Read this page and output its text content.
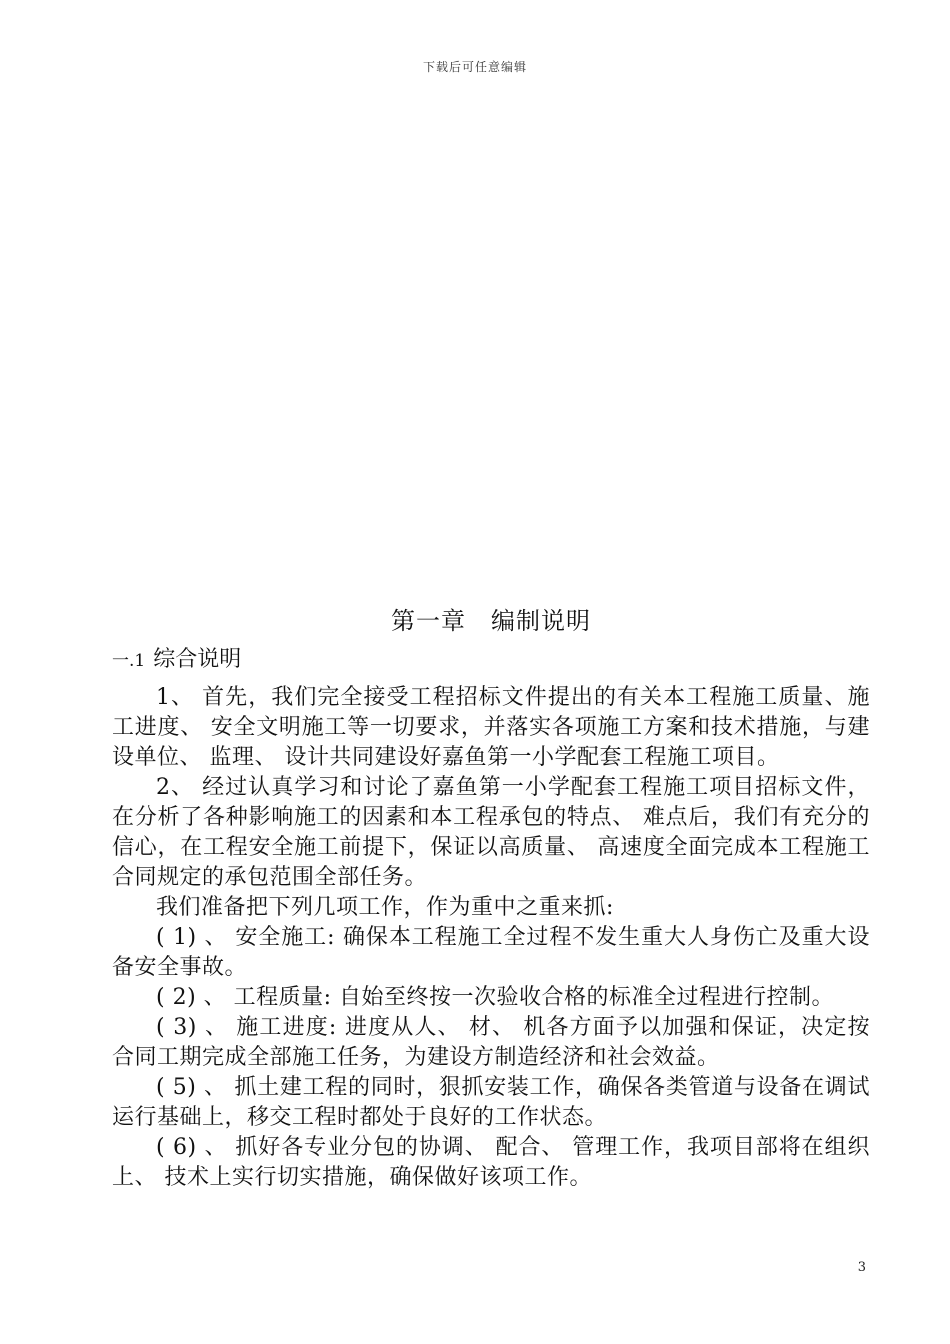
下载后可任意编辑
第一章　编制说明
一.1 综合说明

1、 首先，我们完全接受工程招标文件提出的有关本工程施工质量、施工进度、 安全文明施工等一切要求，并落实各项施工方案和技术措施，与建设单位、 监理、 设计共同建设好嘉鱼第一小学配套工程施工项目。

2、 经过认真学习和讨论了嘉鱼第一小学配套工程施工项目招标文件， 在分析了各种影响施工的因素和本工程承包的特点、 难点后，我们有充分的信心，在工程安全施工前提下，保证以高质量、 高速度全面完成本工程施工合同规定的承包范围全部任务。

我们准备把下列几项工作，作为重中之重来抓:

( 1) 、 安全施工: 确保本工程施工全过程不发生重大人身伤亡及重大设备安全事故。

( 2) 、 工程质量: 自始至终按一次验收合格的标准全过程进行控制。

( 3) 、 施工进度: 进度从人、 材、 机各方面予以加强和保证，决定按合同工期完成全部施工任务，为建设方制造经济和社会效益。

( 5) 、 抓土建工程的同时，狠抓安装工作，确保各类管道与设备在调试运行基础上，移交工程时都处于良好的工作状态。

( 6) 、 抓好各专业分包的协调、 配合、 管理工作，我项目部将在组织上、 技术上实行切实措施，确保做好该项工作。

3
